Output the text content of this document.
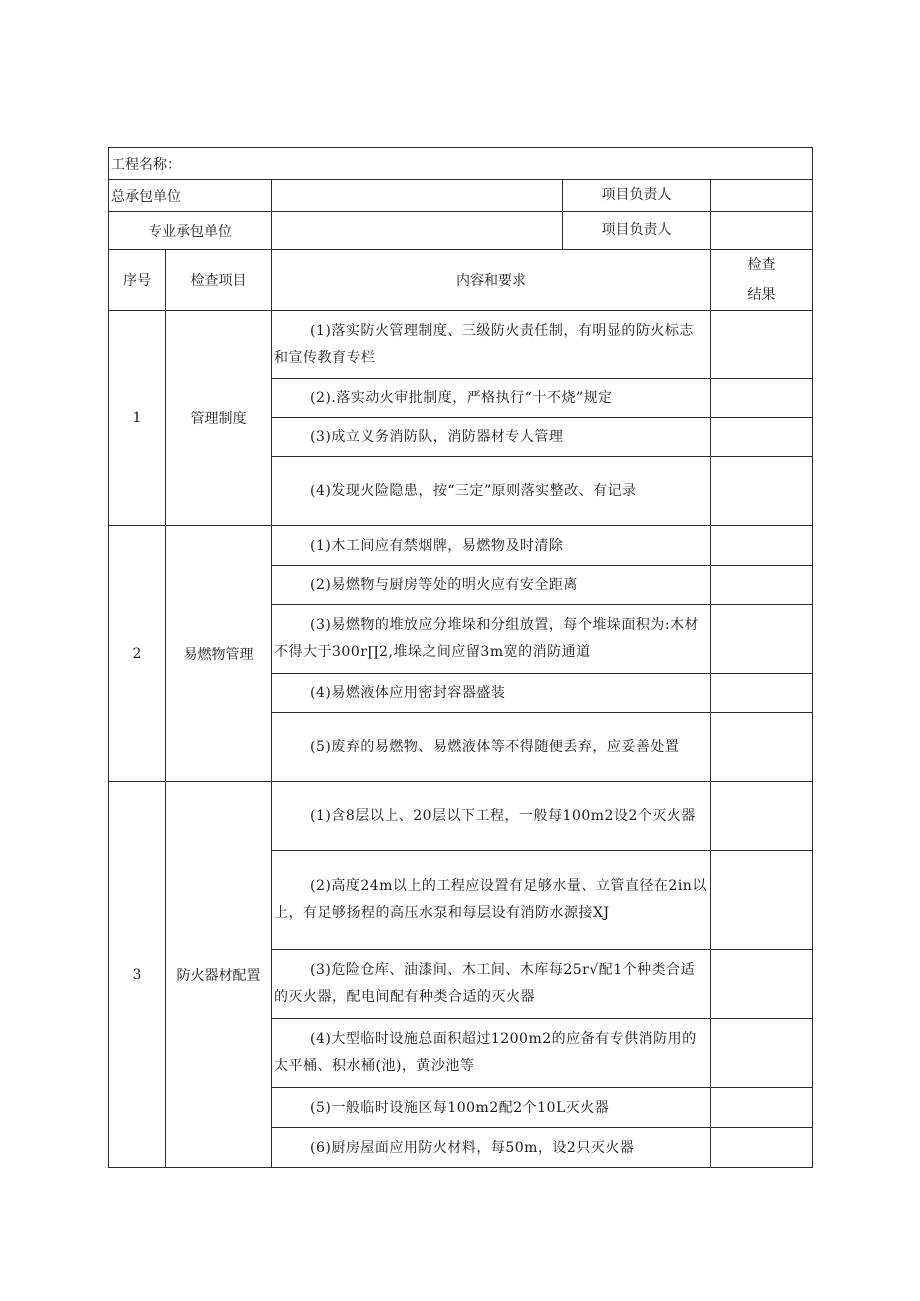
工程名称：			
总承包单位		项目负责人	

专业承包单位		项目负责人	

序号	检查项目	内容和要求	检查
结果

1	管理制度	(1)落实防火管理制度、三级防火责任制，有明显的防火标志和宣传教育专栏	

		(2).落实动火审批制度，严格执行“十不烧”规定	

		(3)成立义务消防队，消防器材专人管理	

		(4)发现火险隐患，按“三定”原则落实整改、有记录	

2	易燃物管理	(1)木工间应有禁烟牌，易燃物及时清除	

		(2)易燃物与厨房等处的明火应有安全距离	

		(3)易燃物的堆放应分堆垛和分组放置，每个堆垛面积为:木材不得大于300r∏2,堆垛之间应留3m宽的消防通道	

		(4)易燃液体应用密封容器盛装	

		(5)废弃的易燃物、易燃液体等不得随便丢弃，应妥善处置	

3	防火器材配置	(1)含8层以上、20层以下工程，一般每100m2设2个灭火器	

		(2)高度24m以上的工程应设置有足够水量、立管直径在2in以上，有足够扬程的高压水泵和每层设有消防水源接XJ	

		(3)危险仓库、油漆间、木工间、木库每25r√配1个种类合适的灭火器，配电间配有种类合适的灭火器	

		(4)大型临时设施总面积超过1200m2的应备有专供消防用的太平桶、积水桶(池)，黄沙池等	

		(5)一般临时设施区每100m2配2个10L灭火器	

		(6)厨房屋面应用防火材料，每50m，设2只灭火器	
